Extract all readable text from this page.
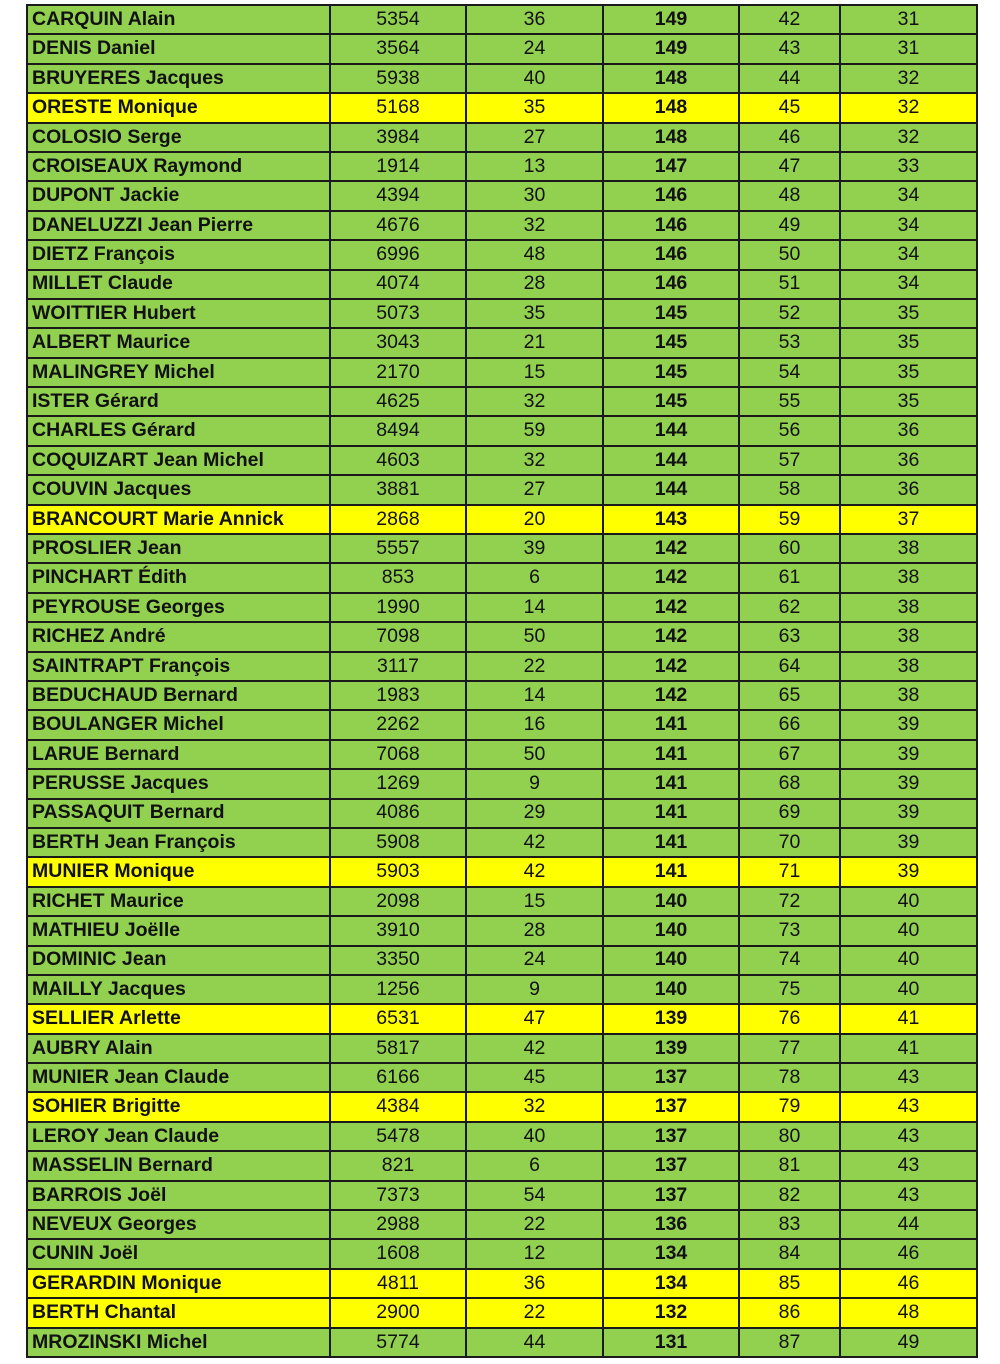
CARQUIN Alain	5354	36	149	42	31
DENIS Daniel	3564	24	149	43	31
BRUYERES Jacques	5938	40	148	44	32
ORESTE Monique	5168	35	148	45	32
COLOSIO Serge	3984	27	148	46	32
CROISEAUX Raymond	1914	13	147	47	33
DUPONT Jackie	4394	30	146	48	34
DANELUZZI Jean Pierre	4676	32	146	49	34
DIETZ François	6996	48	146	50	34
MILLET Claude	4074	28	146	51	34
WOITTIER Hubert	5073	35	145	52	35
ALBERT Maurice	3043	21	145	53	35
MALINGREY Michel	2170	15	145	54	35
ISTER Gérard	4625	32	145	55	35
CHARLES Gérard	8494	59	144	56	36
COQUIZART Jean Michel	4603	32	144	57	36
COUVIN Jacques	3881	27	144	58	36
BRANCOURT Marie Annick	2868	20	143	59	37
PROSLIER Jean	5557	39	142	60	38
PINCHART Édith	853	6	142	61	38
PEYROUSE Georges	1990	14	142	62	38
RICHEZ André	7098	50	142	63	38
SAINTRAPT François	3117	22	142	64	38
BEDUCHAUD Bernard	1983	14	142	65	38
BOULANGER Michel	2262	16	141	66	39
LARUE Bernard	7068	50	141	67	39
PERUSSE Jacques	1269	9	141	68	39
PASSAQUIT Bernard	4086	29	141	69	39
BERTH Jean François	5908	42	141	70	39
MUNIER Monique	5903	42	141	71	39
RICHET Maurice	2098	15	140	72	40
MATHIEU Joëlle	3910	28	140	73	40
DOMINIC Jean	3350	24	140	74	40
MAILLY Jacques	1256	9	140	75	40
SELLIER Arlette	6531	47	139	76	41
AUBRY Alain	5817	42	139	77	41
MUNIER Jean Claude	6166	45	137	78	43
SOHIER Brigitte	4384	32	137	79	43
LEROY Jean Claude	5478	40	137	80	43
MASSELIN Bernard	821	6	137	81	43
BARROIS Joël	7373	54	137	82	43
NEVEUX Georges	2988	22	136	83	44
CUNIN Joël	1608	12	134	84	46
GERARDIN Monique	4811	36	134	85	46
BERTH Chantal	2900	22	132	86	48
MROZINSKI Michel	5774	44	131	87	49
